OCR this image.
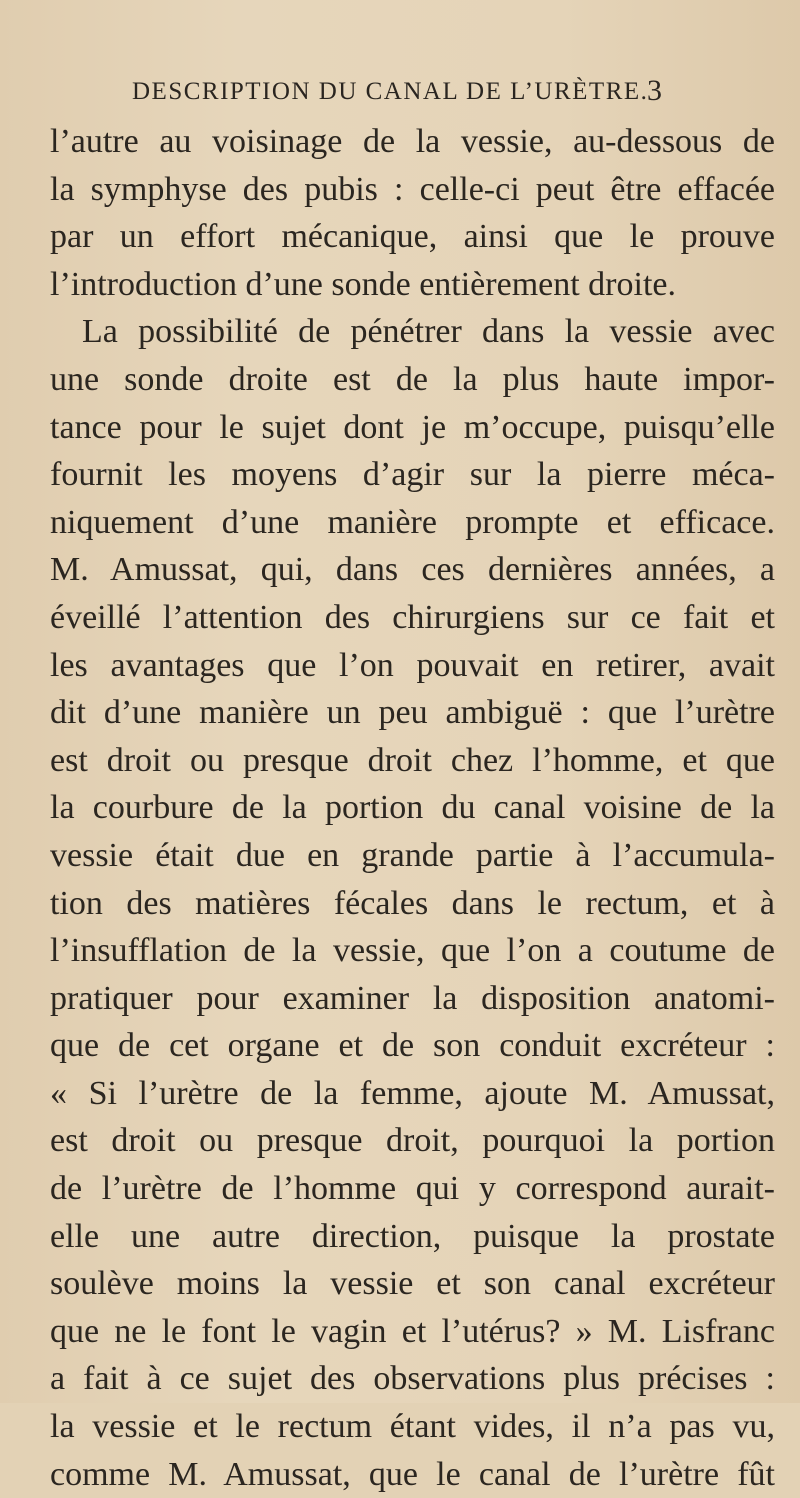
DESCRIPTION DU CANAL DE L’URÈTRE.
3
l’autre au voisinage de la vessie, au-dessous de
la symphyse des pubis : celle-ci peut être effacée
par un effort mécanique, ainsi que le prouve
l’introduction d’une sonde entièrement droite.
La possibilité de pénétrer dans la vessie avec
une sonde droite est de la plus haute impor-
tance pour le sujet dont je m’occupe, puisqu’elle
fournit les moyens d’agir sur la pierre méca-
niquement d’une manière prompte et efficace.
M. Amussat, qui, dans ces dernières années, a
éveillé l’attention des chirurgiens sur ce fait et
les avantages que l’on pouvait en retirer, avait
dit d’une manière un peu ambiguë : que l’urètre
est droit ou presque droit chez l’homme, et que
la courbure de la portion du canal voisine de la
vessie était due en grande partie à l’accumula-
tion des matières fécales dans le rectum, et à
l’insufflation de la vessie, que l’on a coutume de
pratiquer pour examiner la disposition anatomi-
que de cet organe et de son conduit excréteur :
« Si l’urètre de la femme, ajoute M. Amussat,
est droit ou presque droit, pourquoi la portion
de l’urètre de l’homme qui y correspond aurait-
elle une autre direction, puisque la prostate
soulève moins la vessie et son canal excréteur
que ne le font le vagin et l’utérus? » M. Lisfranc
a fait à ce sujet des observations plus précises :
la vessie et le rectum étant vides, il n’a pas vu,
comme M. Amussat, que le canal de l’urètre fût
